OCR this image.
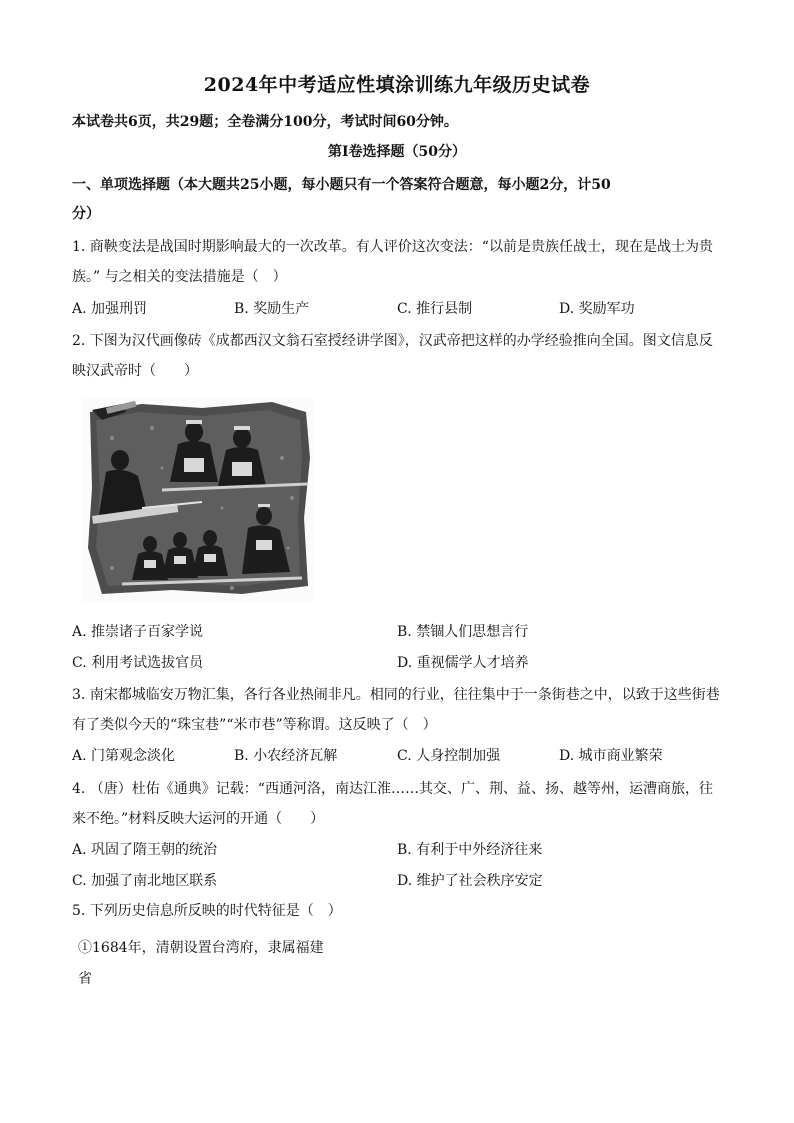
2024年中考适应性填涂训练九年级历史试卷
本试卷共6页，共29题；全卷满分100分，考试时间60分钟。
第Ⅰ卷选择题（50分）
一、单项选择题（本大题共25小题，每小题只有一个答案符合题意，每小题2分，计50
分）
1. 商鞅变法是战国时期影响最大的一次改革。有人评价这次变法：“以前是贵族任战士，现在是战士为贵
族。” 与之相关的变法措施是（　）
A. 加强刑罚	B. 奖励生产	C. 推行县制	D. 奖励军功
2. 下图为汉代画像砖《成都西汉文翁石室授经讲学图》，汉武帝把这样的办学经验推向全国。图文信息反
映汉武帝时（　　）
A. 推崇诸子百家学说	B. 禁锢人们思想言行
C. 利用考试选拔官员	D. 重视儒学人才培养
3. 南宋都城临安万物汇集，各行各业热闹非凡。相同的行业，往往集中于一条街巷之中，以致于这些街巷
有了类似今天的“珠宝巷”“米市巷”等称谓。这反映了（　）
A. 门第观念淡化	B. 小农经济瓦解	C. 人身控制加强	D. 城市商业繁荣
4. （唐）杜佑《通典》记载：“西通河洛，南达江淮……其交、广、荆、益、扬、越等州，运漕商旅，往
来不绝。”材料反映大运河的开通（　　）
A. 巩固了隋王朝的统治	B. 有利于中外经济往来
C. 加强了南北地区联系	D. 维护了社会秩序安定
5. 下列历史信息所反映的时代特征是（　）
①1684年，清朝设置台湾府，隶属福建
省
